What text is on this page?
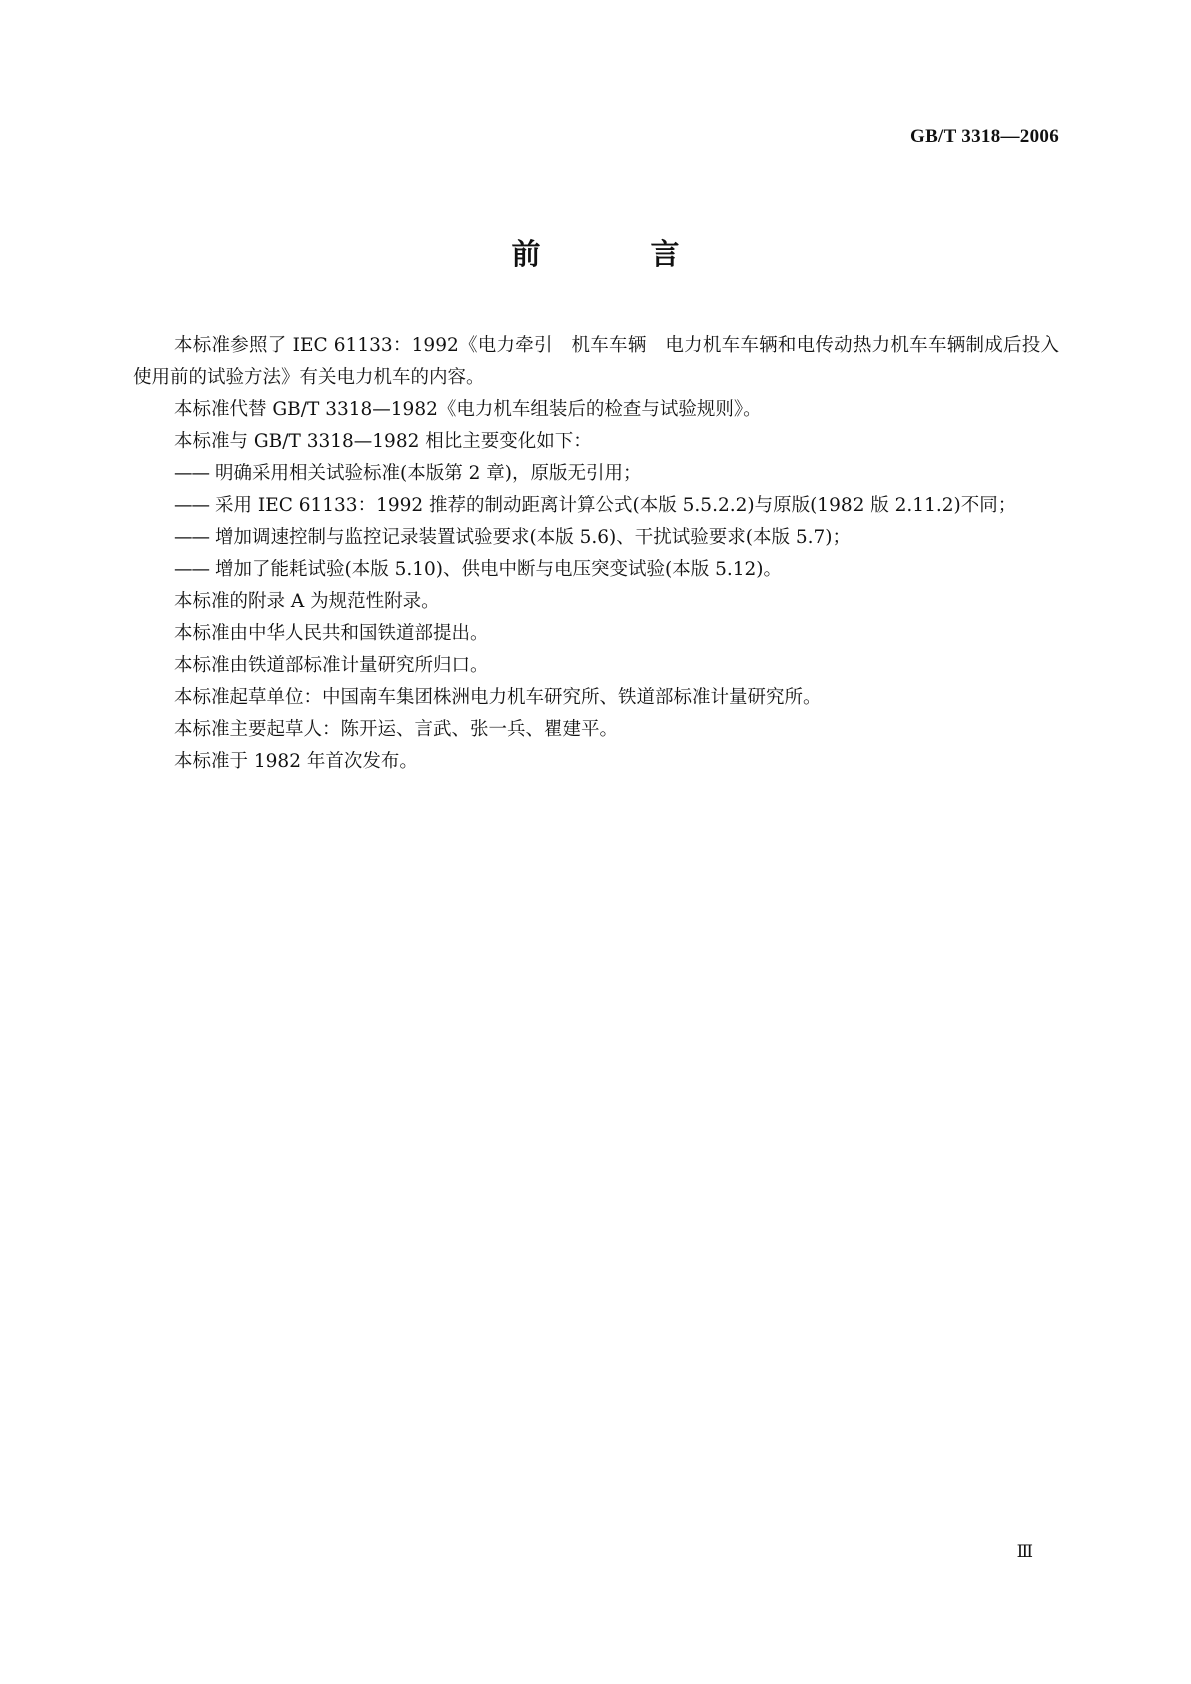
GB/T 3318—2006
前 言

本标准参照了 IEC 61133：1992《电力牵引　机车车辆　电力机车车辆和电传动热力机车车辆制成后投入使用前的试验方法》有关电力机车的内容。

本标准代替 GB/T 3318—1982《电力机车组装后的检查与试验规则》。

本标准与 GB/T 3318—1982 相比主要变化如下：

—— 明确采用相关试验标准(本版第 2 章)，原版无引用；

—— 采用 IEC 61133：1992 推荐的制动距离计算公式(本版 5.5.2.2)与原版(1982 版 2.11.2)不同；

—— 增加调速控制与监控记录装置试验要求(本版 5.6)、干扰试验要求(本版 5.7)；

—— 增加了能耗试验(本版 5.10)、供电中断与电压突变试验(本版 5.12)。

本标准的附录 A 为规范性附录。

本标准由中华人民共和国铁道部提出。

本标准由铁道部标准计量研究所归口。

本标准起草单位：中国南车集团株洲电力机车研究所、铁道部标准计量研究所。

本标准主要起草人：陈开运、言武、张一兵、瞿建平。

本标准于 1982 年首次发布。

Ⅲ
